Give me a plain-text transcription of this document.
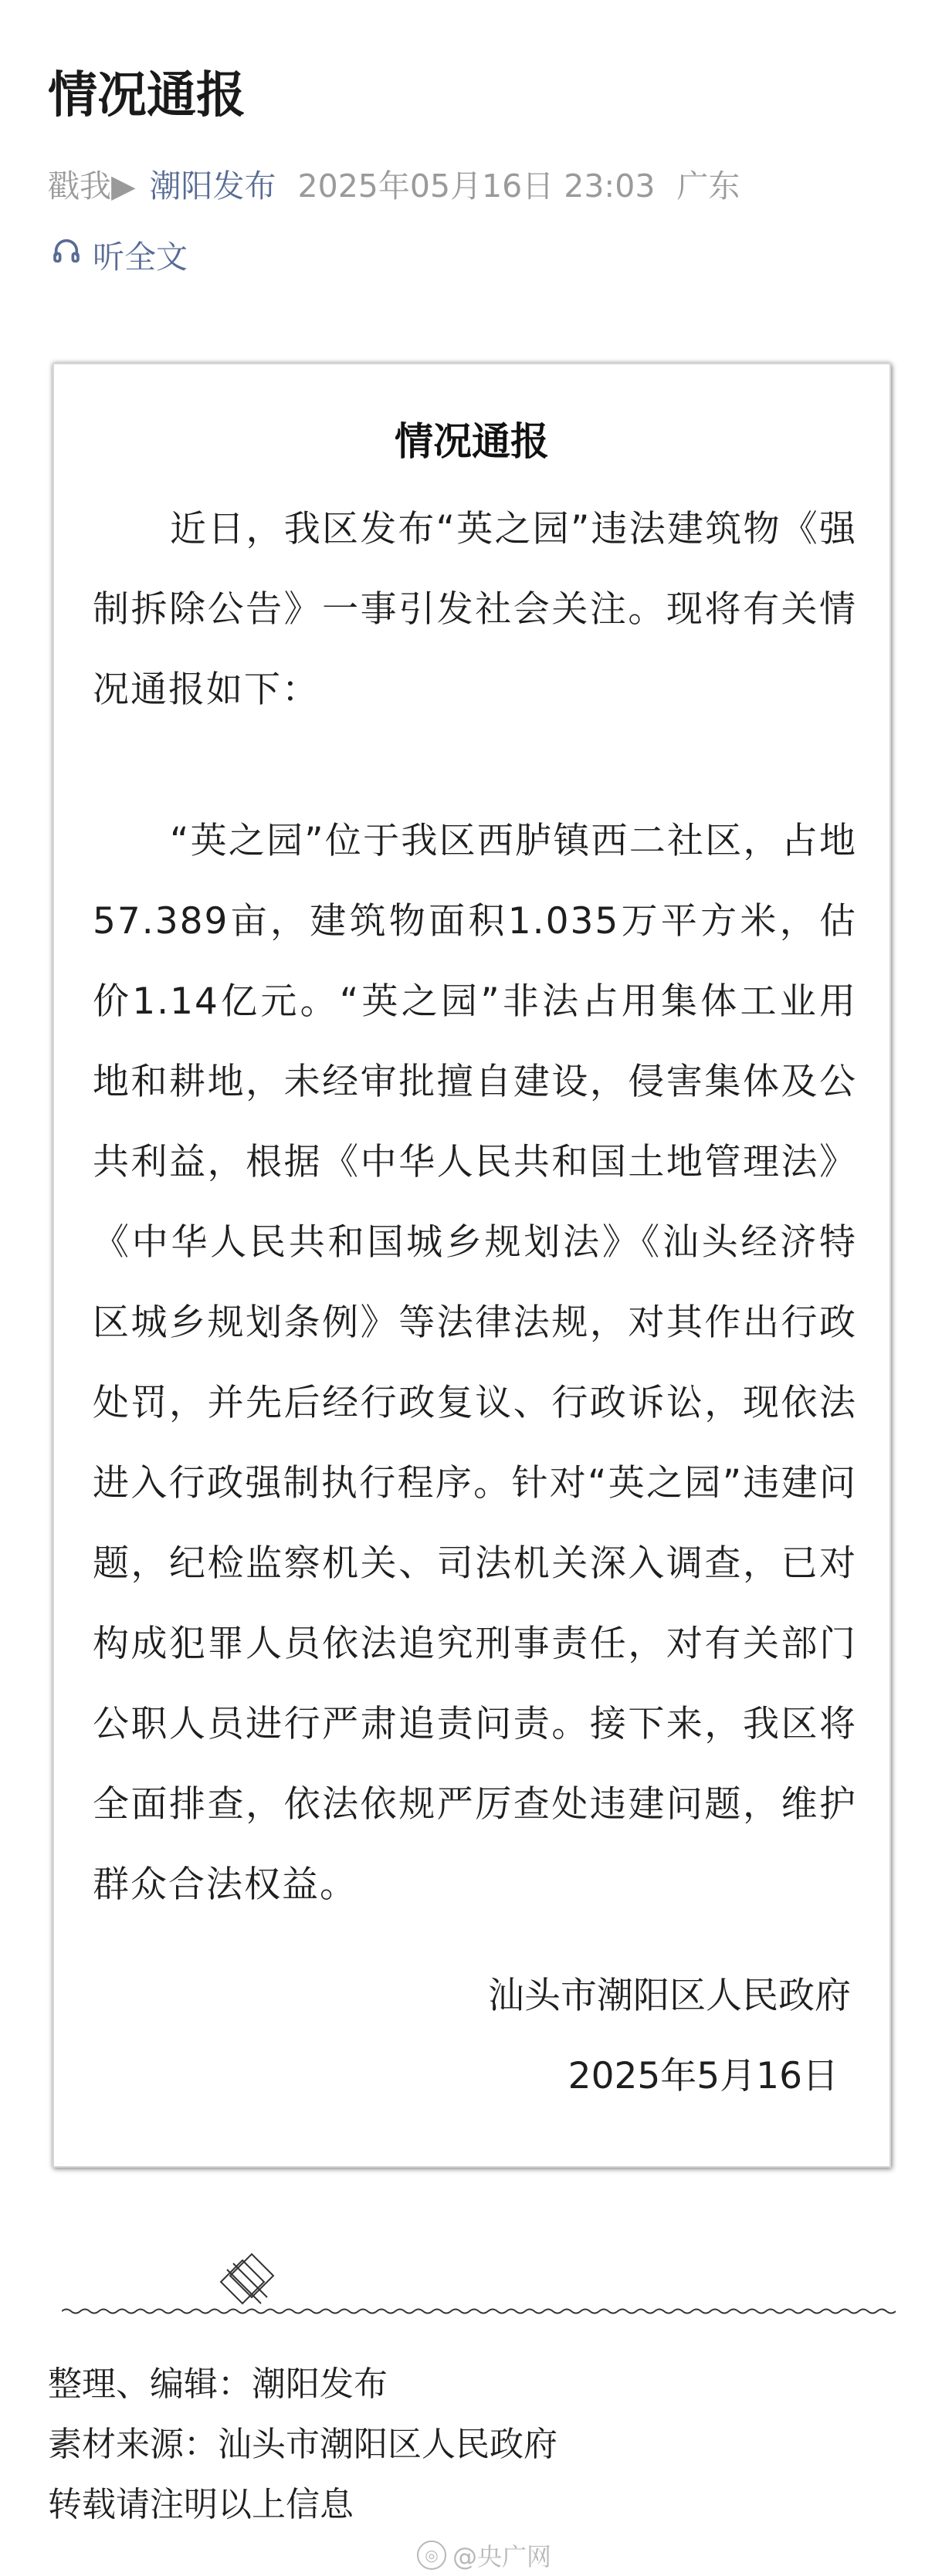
情况通报
戳我▶ 潮阳发布 2025年05月16日 23:03 广东
听全文
情况通报

近日，我区发布“英之园”违法建筑物《强制拆除公告》一事引发社会关注。现将有关情况通报如下：

“英之园”位于我区西胪镇西二社区，占地57.389亩，建筑物面积1.035万平方米，估价1.14亿元。“英之园”非法占用集体工业用地和耕地，未经审批擅自建设，侵害集体及公共利益，根据《中华人民共和国土地管理法》《中华人民共和国城乡规划法》《汕头经济特区城乡规划条例》等法律法规，对其作出行政处罚，并先后经行政复议、行政诉讼，现依法进入行政强制执行程序。针对“英之园”违建问题，纪检监察机关、司法机关深入调查，已对构成犯罪人员依法追究刑事责任，对有关部门公职人员进行严肃追责问责。接下来，我区将全面排查，依法依规严厉查处违建问题，维护群众合法权益。

汕头市潮阳区人民政府
2025年5月16日
整理、编辑：潮阳发布
素材来源：汕头市潮阳区人民政府
转载请注明以上信息
◎ @央广网
